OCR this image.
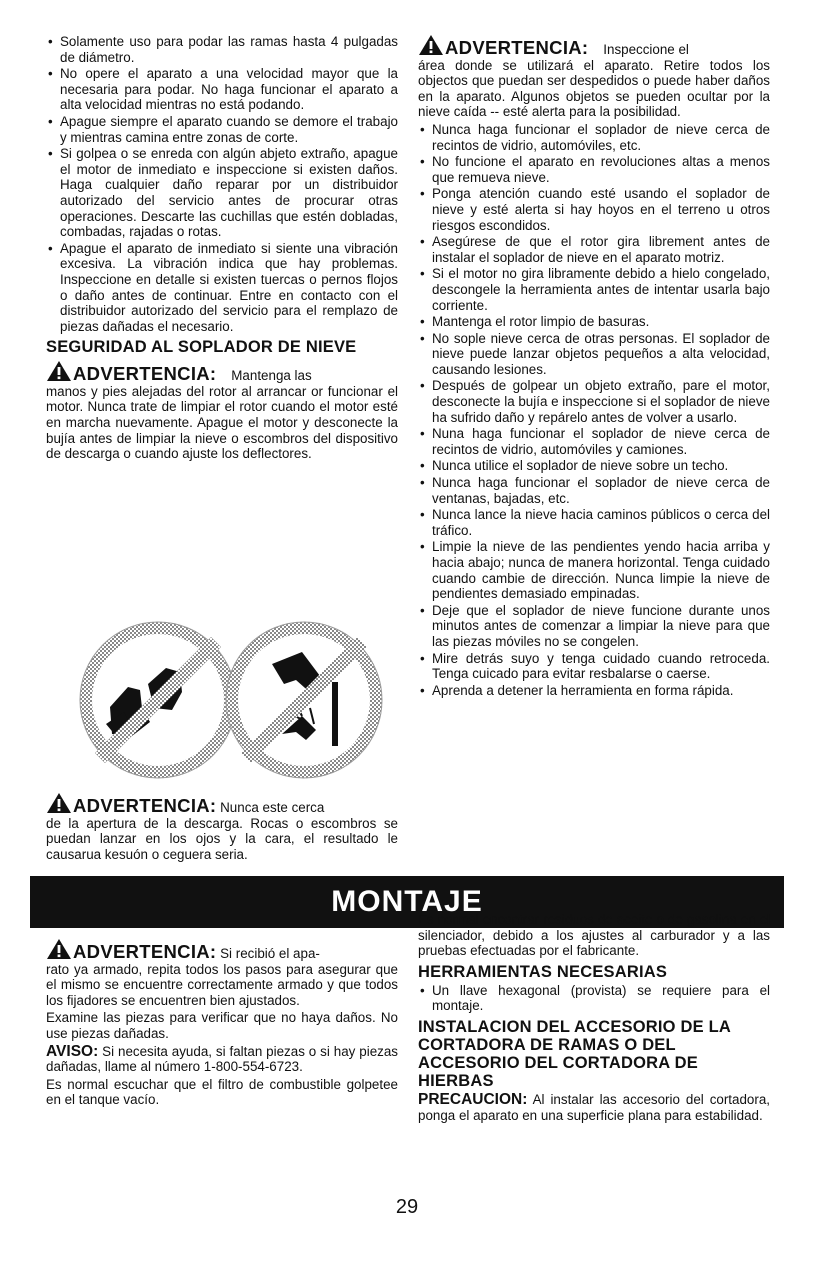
• Solamente uso para podar las ramas hasta 4 pulgadas de diámetro.
• No opere el aparato a una velocidad mayor que la necesaria para podar. No haga funcionar el aparato a alta velocidad mientras no está podando.
• Apague siempre el aparato cuando se demore el trabajo y mientras camina entre zonas de corte.
• Si golpea o se enreda con algún abjeto extraño, apague el motor de inmediato e inspeccione si existen daños. Haga cualquier daño reparar por un distribuidor autorizado del servicio antes de procurar otras operaciones. Descarte las cuchillas que estén dobladas, combadas, rajadas o rotas.
• Apague el aparato de inmediato si siente una vibración excesiva. La vibración indica que hay problemas. Inspeccione en detalle si existen tuercas o pernos flojos o daño antes de continuar. Entre en contacto con el distribuidor autorizado del servicio para el remplazo de piezas dañadas el necesario.
SEGURIDAD AL SOPLADOR DE NIEVE
ADVERTENCIA: Mantenga las

manos y pies alejadas del rotor al arrancar or funcionar el motor. Nunca trate de limpiar el rotor cuando el motor esté en marcha nuevamente. Apague el motor y desconecte la bujía antes de limpiar la nieve o escombros del dispositivo de descarga o cuando ajuste los deflectores.

ADVERTENCIA: Nunca este cerca

de la apertura de la descarga. Rocas o escombros se puedan lanzar en los ojos y la cara, el resultado le causarua kesuón o ceguera seria.

ADVERTENCIA: Inspeccione el

área donde se utilizará el aparato. Retire todos los objectos que puedan ser despedidos o puede haber daños en la aparato. Algunos objetos se pueden ocultar por la nieve caída -- esté alerta para la posibilidad.

• Nunca haga funcionar el soplador de nieve cerca de recintos de vidrio, automóviles, etc.
• No funcione el aparato en revoluciones altas a menos que remueva nieve.
• Ponga atención cuando esté usando el soplador de nieve y esté alerta si hay hoyos en el terreno u otros riesgos escondidos.
• Asegúrese de que el rotor gira librement antes de instalar el soplador de nieve en el aparato motriz.
• Si el motor no gira libramente debido a hielo congelado, descongele la herramienta antes de intentar usarla bajo corriente.
• Mantenga el rotor limpio de basuras.
• No sople nieve cerca de otras personas. El soplador de nieve puede lanzar objetos pequeños a alta velocidad, causando lesiones.
• Después de golpear un objeto extraño, pare el motor, desconecte la bujía e inspeccione si el soplador de nieve ha sufrido daño y repárelo antes de volver a usarlo.
• Nuna haga funcionar el soplador de nieve cerca de recintos de vidrio, automóviles y camiones.
• Nunca utilice el soplador de nieve sobre un techo.
• Nunca haga funcionar el soplador de nieve cerca de ventanas, bajadas, etc.
• Nunca lance la nieve hacia caminos públicos o cerca del tráfico.
• Limpie la nieve de las pendientes yendo hacia arriba y hacia abajo; nunca de manera horizontal. Tenga cuidado cuando cambie de dirección. Nunca limpie la nieve de pendientes demasiado empinadas.
• Deje que el soplador de nieve funcione durante unos minutos antes de comenzar a limpiar la nieve para que las piezas móviles no se congelen.
• Mire detrás suyo y tenga cuidado cuando retroceda. Tenga cuicado para evitar resbalarse o caerse.
• Aprenda a detener la herramienta en forma rápida.
MONTAJE
ADVERTENCIA: Si recibió el apa-

rato ya armado, repita todos los pasos para asegurar que el mismo se encuentre correctamente armado y que todos los fijadores se encuentren bien ajustados.

Examine las piezas para verificar que no haya daños. No use piezas dañadas.

AVISO: Si necesita ayuda, si faltan piezas o si hay piezas dañadas, llame al número 1-800-554-6723.

Es normal escuchar que el filtro de combustible golpetee en el tanque vacío.

Es normal encontrar residuos de aceite o de gasolina en el silenciador, debido a los ajustes al carburador y a las pruebas efectuadas por el fabricante.

HERRAMIENTAS NECESARIAS
• Un llave hexagonal (provista) se requiere para el montaje.
INSTALACION DEL ACCESORIO DE LA CORTADORA DE RAMAS O DEL ACCESORIO DEL CORTADORA DE HIERBAS

PRECAUCION: Al instalar las accesorio del cortadora, ponga el aparato en una superficie plana para estabilidad.

29
